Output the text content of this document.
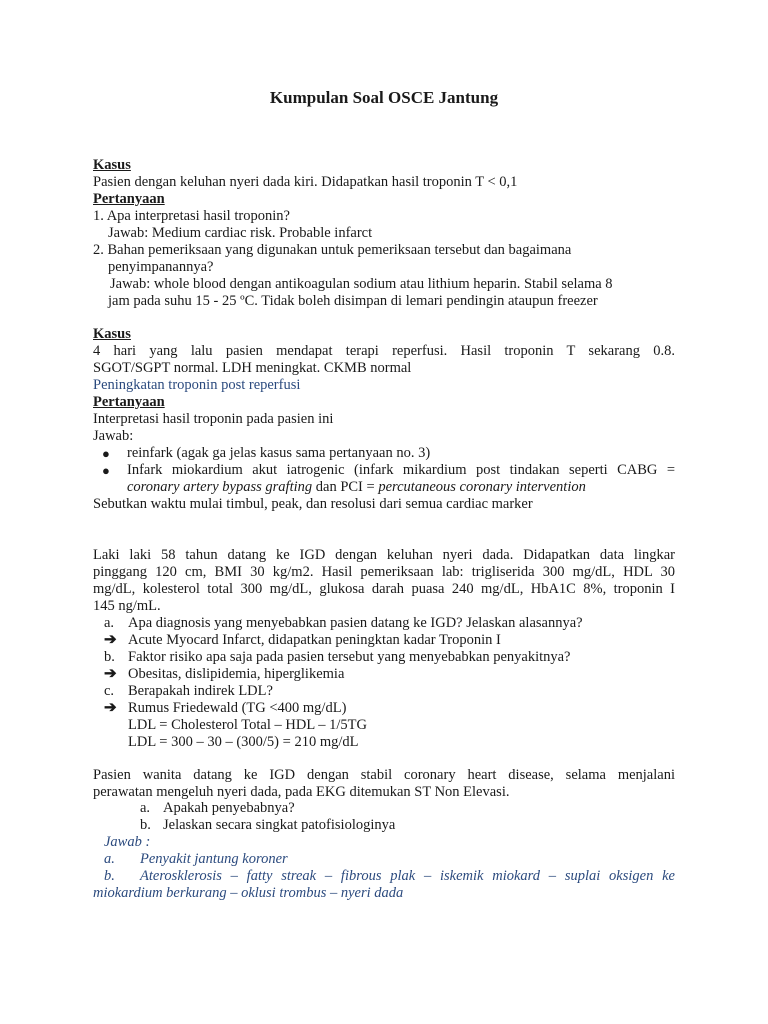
Kumpulan Soal OSCE Jantung
Kasus
Pasien dengan keluhan nyeri dada kiri. Didapatkan hasil troponin T < 0,1
Pertanyaan
1. Apa interpretasi hasil troponin?
Jawab: Medium cardiac risk. Probable infarct
2. Bahan pemeriksaan yang digunakan untuk pemeriksaan tersebut dan bagaimana
penyimpanannya?
Jawab: whole blood dengan antikoagulan sodium atau lithium heparin. Stabil selama 8
jam pada suhu 15 - 25 ºC. Tidak boleh disimpan di lemari pendingin ataupun freezer
Kasus
4 hari yang lalu pasien mendapat terapi reperfusi. Hasil troponin T sekarang 0.8.
SGOT/SGPT normal. LDH meningkat. CKMB normal
Peningkatan troponin post reperfusi
Pertanyaan
Interpretasi hasil troponin pada pasien ini
Jawab:
● reinfark (agak ga jelas kasus sama pertanyaan no. 3)
● Infark miokardium akut iatrogenic (infark mikardium post tindakan seperti CABG =
coronary artery bypass grafting dan PCI = percutaneous coronary intervention
Sebutkan waktu mulai timbul, peak, dan resolusi dari semua cardiac marker
Laki laki 58 tahun datang ke IGD dengan keluhan nyeri dada. Didapatkan data lingkar
pinggang 120 cm, BMI 30 kg/m2. Hasil pemeriksaan lab: trigliserida 300 mg/dL, HDL 30
mg/dL, kolesterol total 300 mg/dL, glukosa darah puasa 240 mg/dL, HbA1C 8%, troponin I
145 ng/mL.
a. Apa diagnosis yang menyebabkan pasien datang ke IGD? Jelaskan alasannya?
➔ Acute Myocard Infarct, didapatkan peningktan kadar Troponin I
b. Faktor risiko apa saja pada pasien tersebut yang menyebabkan penyakitnya?
➔ Obesitas, dislipidemia, hiperglikemia
c. Berapakah indirek LDL?
➔ Rumus Friedewald (TG <400 mg/dL)
LDL = Cholesterol Total – HDL – 1/5TG
LDL = 300 – 30 – (300/5) = 210 mg/dL
Pasien wanita datang ke IGD dengan stabil coronary heart disease, selama menjalani
perawatan mengeluh nyeri dada, pada EKG ditemukan ST Non Elevasi.
a. Apakah penyebabnya?
b. Jelaskan secara singkat patofisiologinya
Jawab :
a. Penyakit jantung koroner
b. Aterosklerosis – fatty streak – fibrous plak – iskemik miokard – suplai oksigen ke
miokardium berkurang – oklusi trombus – nyeri dada
